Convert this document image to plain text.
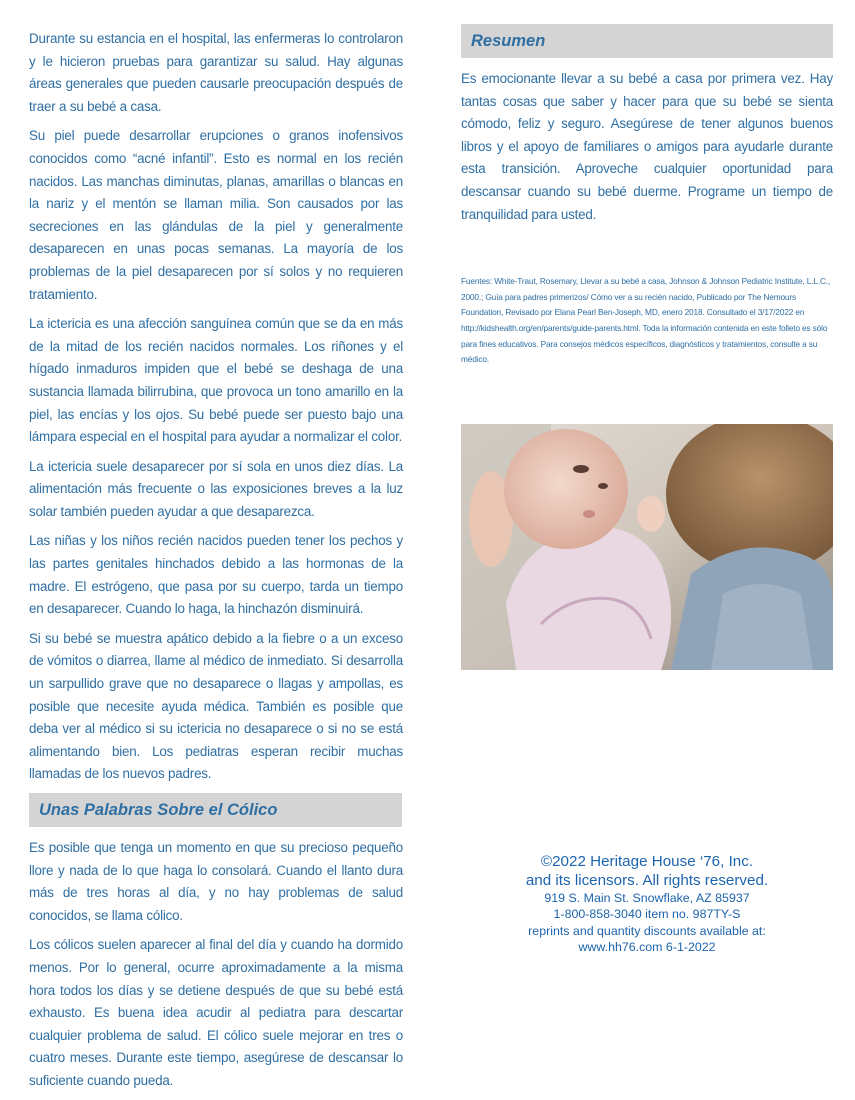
Durante su estancia en el hospital, las enfermeras lo controlaron y le hicieron pruebas para garantizar su salud. Hay algunas áreas generales que pueden causarle preocupación después de traer a su bebé a casa.

Su piel puede desarrollar erupciones o granos inofensivos conocidos como “acné infantil”. Esto es normal en los recién nacidos. Las manchas diminutas, planas, amarillas o blancas en la nariz y el mentón se llaman milia. Son causados por las secreciones en las glándulas de la piel y generalmente desaparecen en unas pocas semanas. La mayoría de los problemas de la piel desaparecen por sí solos y no requieren tratamiento.

La ictericia es una afección sanguínea común que se da en más de la mitad de los recién nacidos normales. Los riñones y el hígado inmaduros impiden que el bebé se deshaga de una sustancia llamada bilirrubina, que provoca un tono amarillo en la piel, las encías y los ojos. Su bebé puede ser puesto bajo una lámpara especial en el hospital para ayudar a normalizar el color.

La ictericia suele desaparecer por sí sola en unos diez días. La alimentación más frecuente o las exposiciones breves a la luz solar también pueden ayudar a que desaparezca.

Las niñas y los niños recién nacidos pueden tener los pechos y las partes genitales hinchados debido a las hormonas de la madre. El estrógeno, que pasa por su cuerpo, tarda un tiempo en desaparecer. Cuando lo haga, la hinchazón disminuirá.

Si su bebé se muestra apático debido a la fiebre o a un exceso de vómitos o diarrea, llame al médico de inmediato. Si desarrolla un sarpullido grave que no desaparece o llagas y ampollas, es posible que necesite ayuda médica. También es posible que deba ver al médico si su ictericia no desaparece o si no se está alimentando bien. Los pediatras esperan recibir muchas llamadas de los nuevos padres.

Unas Palabras Sobre el Cólico

Es posible que tenga un momento en que su precioso pequeño llore y nada de lo que haga lo consolará. Cuando el llanto dura más de tres horas al día, y no hay problemas de salud conocidos, se llama cólico.

Los cólicos suelen aparecer al final del día y cuando ha dormido menos. Por lo general, ocurre aproximadamente a la misma hora todos los días y se detiene después de que su bebé está exhausto. Es buena idea acudir al pediatra para descartar cualquier problema de salud. El cólico suele mejorar en tres o cuatro meses. Durante este tiempo, asegúrese de descansar lo suficiente cuando pueda.

Resumen

Es emocionante llevar a su bebé a casa por primera vez. Hay tantas cosas que saber y hacer para que su bebé se sienta cómodo, feliz y seguro. Asegúrese de tener algunos buenos libros y el apoyo de familiares o amigos para ayudarle durante esta transición. Aproveche cualquier oportunidad para descansar cuando su bebé duerme. Programe un tiempo de tranquilidad para usted.

Fuentes: White-Traut, Rosemary, Llevar a su bebé a casa, Johnson & Johnson Pediatric Institute, L.L.C., 2000.; Guía para padres primerizos/ Cómo ver a su recién nacido, Publicado por The Nemours Foundation, Revisado por Elana Pearl Ben-Joseph, MD, enero 2018. Consultado el 3/17/2022 en http://kidshealth.org/en/parents/guide-parents.html. Toda la información contenida en este folleto es sólo para fines educativos. Para consejos médicos específicos, diagnósticos y tratamientos, consulte a su médico.
©2022 Heritage House ‘76, Inc.
and its licensors. All rights reserved.
919 S. Main St. Snowflake, AZ 85937
1-800-858-3040 item no. 987TY-S
reprints and quantity discounts available at:
www.hh76.com 6-1-2022
